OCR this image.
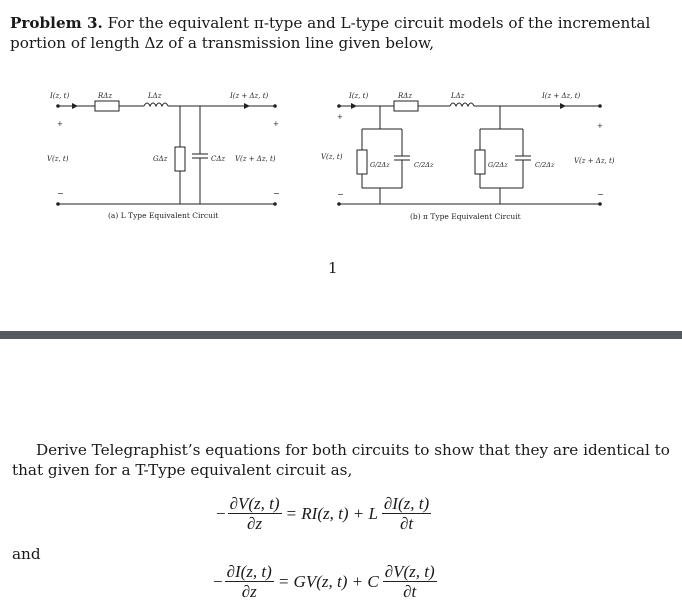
Problem 3. For the equivalent π-type and L-type circuit models of the incremental portion of length Δz of a transmission line given below,
I(z, t)	RΔz	LΔz	I(z + Δz, t)
+	+
V(z, t)	GΔz	CΔz V(z + Δz, t)
−	−
(a) L Type Equivalent Circuit
I(z, t)	RΔz	LΔz	I(z + Δz, t)
+
+
V(z, t)
G/2Δz	C/2Δz	G/2Δz	C/2Δz	V(z + Δz, t)
−	−
(b) π Type Equivalent Circuit
1
Derive Telegraphist’s equations for both circuits to show that they are identical to that given for a T-Type equivalent circuit as,
− $\frac{\partial V(z, t)}{\partial z} = RI(z$, t) + L $\frac{\partial I(z, t)}{\partial t}$
and
− $\frac{\partial I(z, t)}{\partial z} = GV(z$, t) + C $\frac{\partial V(z, t)}{\partial t}$
